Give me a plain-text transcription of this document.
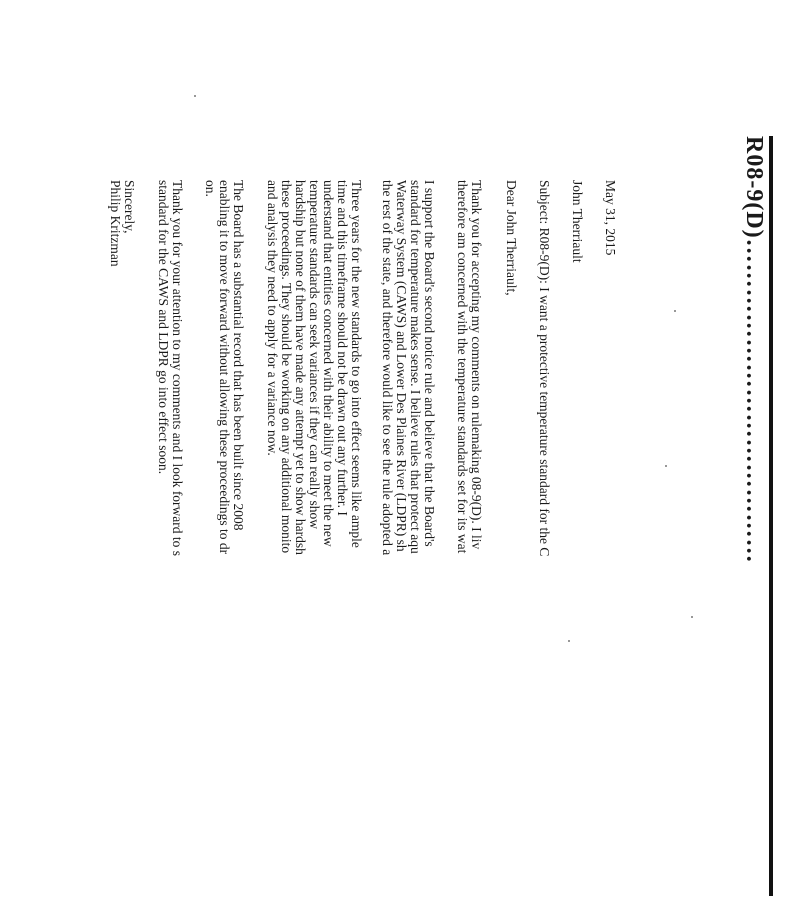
R08-9(D)…………………………………
May 31, 2015
John Therriault
Subject: R08-9(D): I want a protective temperature standard for the C
Dear John Therriault,
Thank you for accepting my comments on rulemaking 08-9(D). I liv
therefore am concerned with the temperature standards set for its wat
I support the Board's second notice rule and believe that the Board's
standard for temperature makes sense. I believe rules that protect aqu
Waterway System (CAWS) and Lower Des Plaines River (LDPR) sh
the rest of the state, and therefore would like to see the rule adopted a
Three years for the new standards to go into effect seems like ample
time and this timeframe should not be drawn out any further. I
understand that entities concerned with their ability to meet the new
temperature standards can seek variances if they can really show
hardship but none of them have made any attempt yet to show hardsh
these proceedings. They should be working on any additional monito
and analysis they need to apply for a variance now.
The Board has a substantial record that has been built since 2008
enabling it to move forward without allowing these proceedings to dr
on.
Thank you for your attention to my comments and I look forward to s
standard for the CAWS and LDPR go into effect soon.
Sincerely,
Philip Kritzman
